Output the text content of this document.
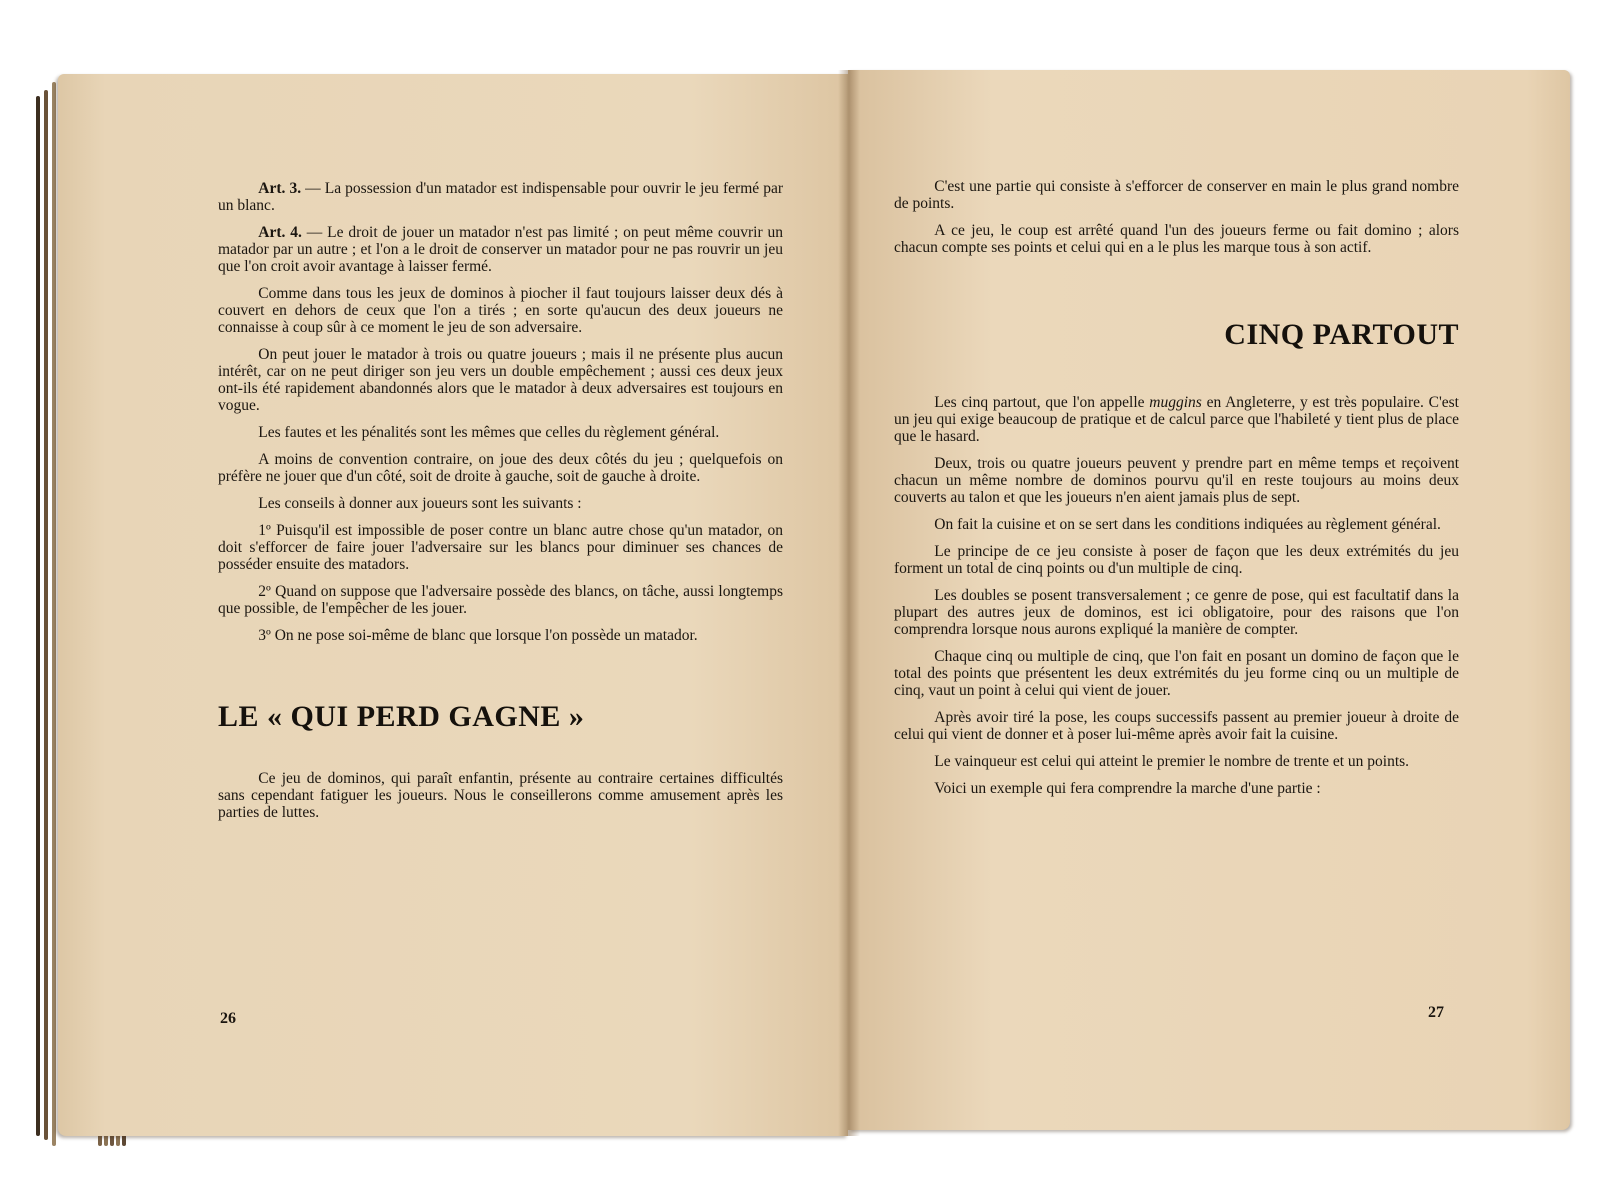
Art. 3. — La possession d'un matador est indispensable pour ouvrir le jeu fermé par un blanc.

Art. 4. — Le droit de jouer un matador n'est pas limité ; on peut même couvrir un matador par un autre ; et l'on a le droit de conserver un matador pour ne pas rouvrir un jeu que l'on croit avoir avantage à laisser fermé.

Comme dans tous les jeux de dominos à piocher il faut toujours laisser deux dés à couvert en dehors de ceux que l'on a tirés ; en sorte qu'aucun des deux joueurs ne connaisse à coup sûr à ce moment le jeu de son adversaire.

On peut jouer le matador à trois ou quatre joueurs ; mais il ne présente plus aucun intérêt, car on ne peut diriger son jeu vers un double empêchement ; aussi ces deux jeux ont-ils été rapidement abandonnés alors que le matador à deux adversaires est toujours en vogue.

Les fautes et les pénalités sont les mêmes que celles du règlement général.

A moins de convention contraire, on joue des deux côtés du jeu ; quelquefois on préfère ne jouer que d'un côté, soit de droite à gauche, soit de gauche à droite.

Les conseils à donner aux joueurs sont les suivants :

1º Puisqu'il est impossible de poser contre un blanc autre chose qu'un matador, on doit s'efforcer de faire jouer l'adversaire sur les blancs pour diminuer ses chances de posséder ensuite des matadors.

2º Quand on suppose que l'adversaire possède des blancs, on tâche, aussi longtemps que possible, de l'empêcher de les jouer.

3º On ne pose soi-même de blanc que lorsque l'on possède un matador.

LE « QUI PERD GAGNE »

Ce jeu de dominos, qui paraît enfantin, présente au contraire certaines difficultés sans cependant fatiguer les joueurs. Nous le conseillerons comme amusement après les parties de luttes.

26

C'est une partie qui consiste à s'efforcer de conserver en main le plus grand nombre de points.

A ce jeu, le coup est arrêté quand l'un des joueurs ferme ou fait domino ; alors chacun compte ses points et celui qui en a le plus les marque tous à son actif.

CINQ PARTOUT

Les cinq partout, que l'on appelle muggins en Angleterre, y est très populaire. C'est un jeu qui exige beaucoup de pratique et de calcul parce que l'habileté y tient plus de place que le hasard.

Deux, trois ou quatre joueurs peuvent y prendre part en même temps et reçoivent chacun un même nombre de dominos pourvu qu'il en reste toujours au moins deux couverts au talon et que les joueurs n'en aient jamais plus de sept.

On fait la cuisine et on se sert dans les conditions indiquées au règlement général.

Le principe de ce jeu consiste à poser de façon que les deux extrémités du jeu forment un total de cinq points ou d'un multiple de cinq.

Les doubles se posent transversalement ; ce genre de pose, qui est facultatif dans la plupart des autres jeux de dominos, est ici obligatoire, pour des raisons que l'on comprendra lorsque nous aurons expliqué la manière de compter.

Chaque cinq ou multiple de cinq, que l'on fait en posant un domino de façon que le total des points que présentent les deux extrémités du jeu forme cinq ou un multiple de cinq, vaut un point à celui qui vient de jouer.

Après avoir tiré la pose, les coups successifs passent au premier joueur à droite de celui qui vient de donner et à poser lui-même après avoir fait la cuisine.

Le vainqueur est celui qui atteint le premier le nombre de trente et un points.

Voici un exemple qui fera comprendre la marche d'une partie :

27
